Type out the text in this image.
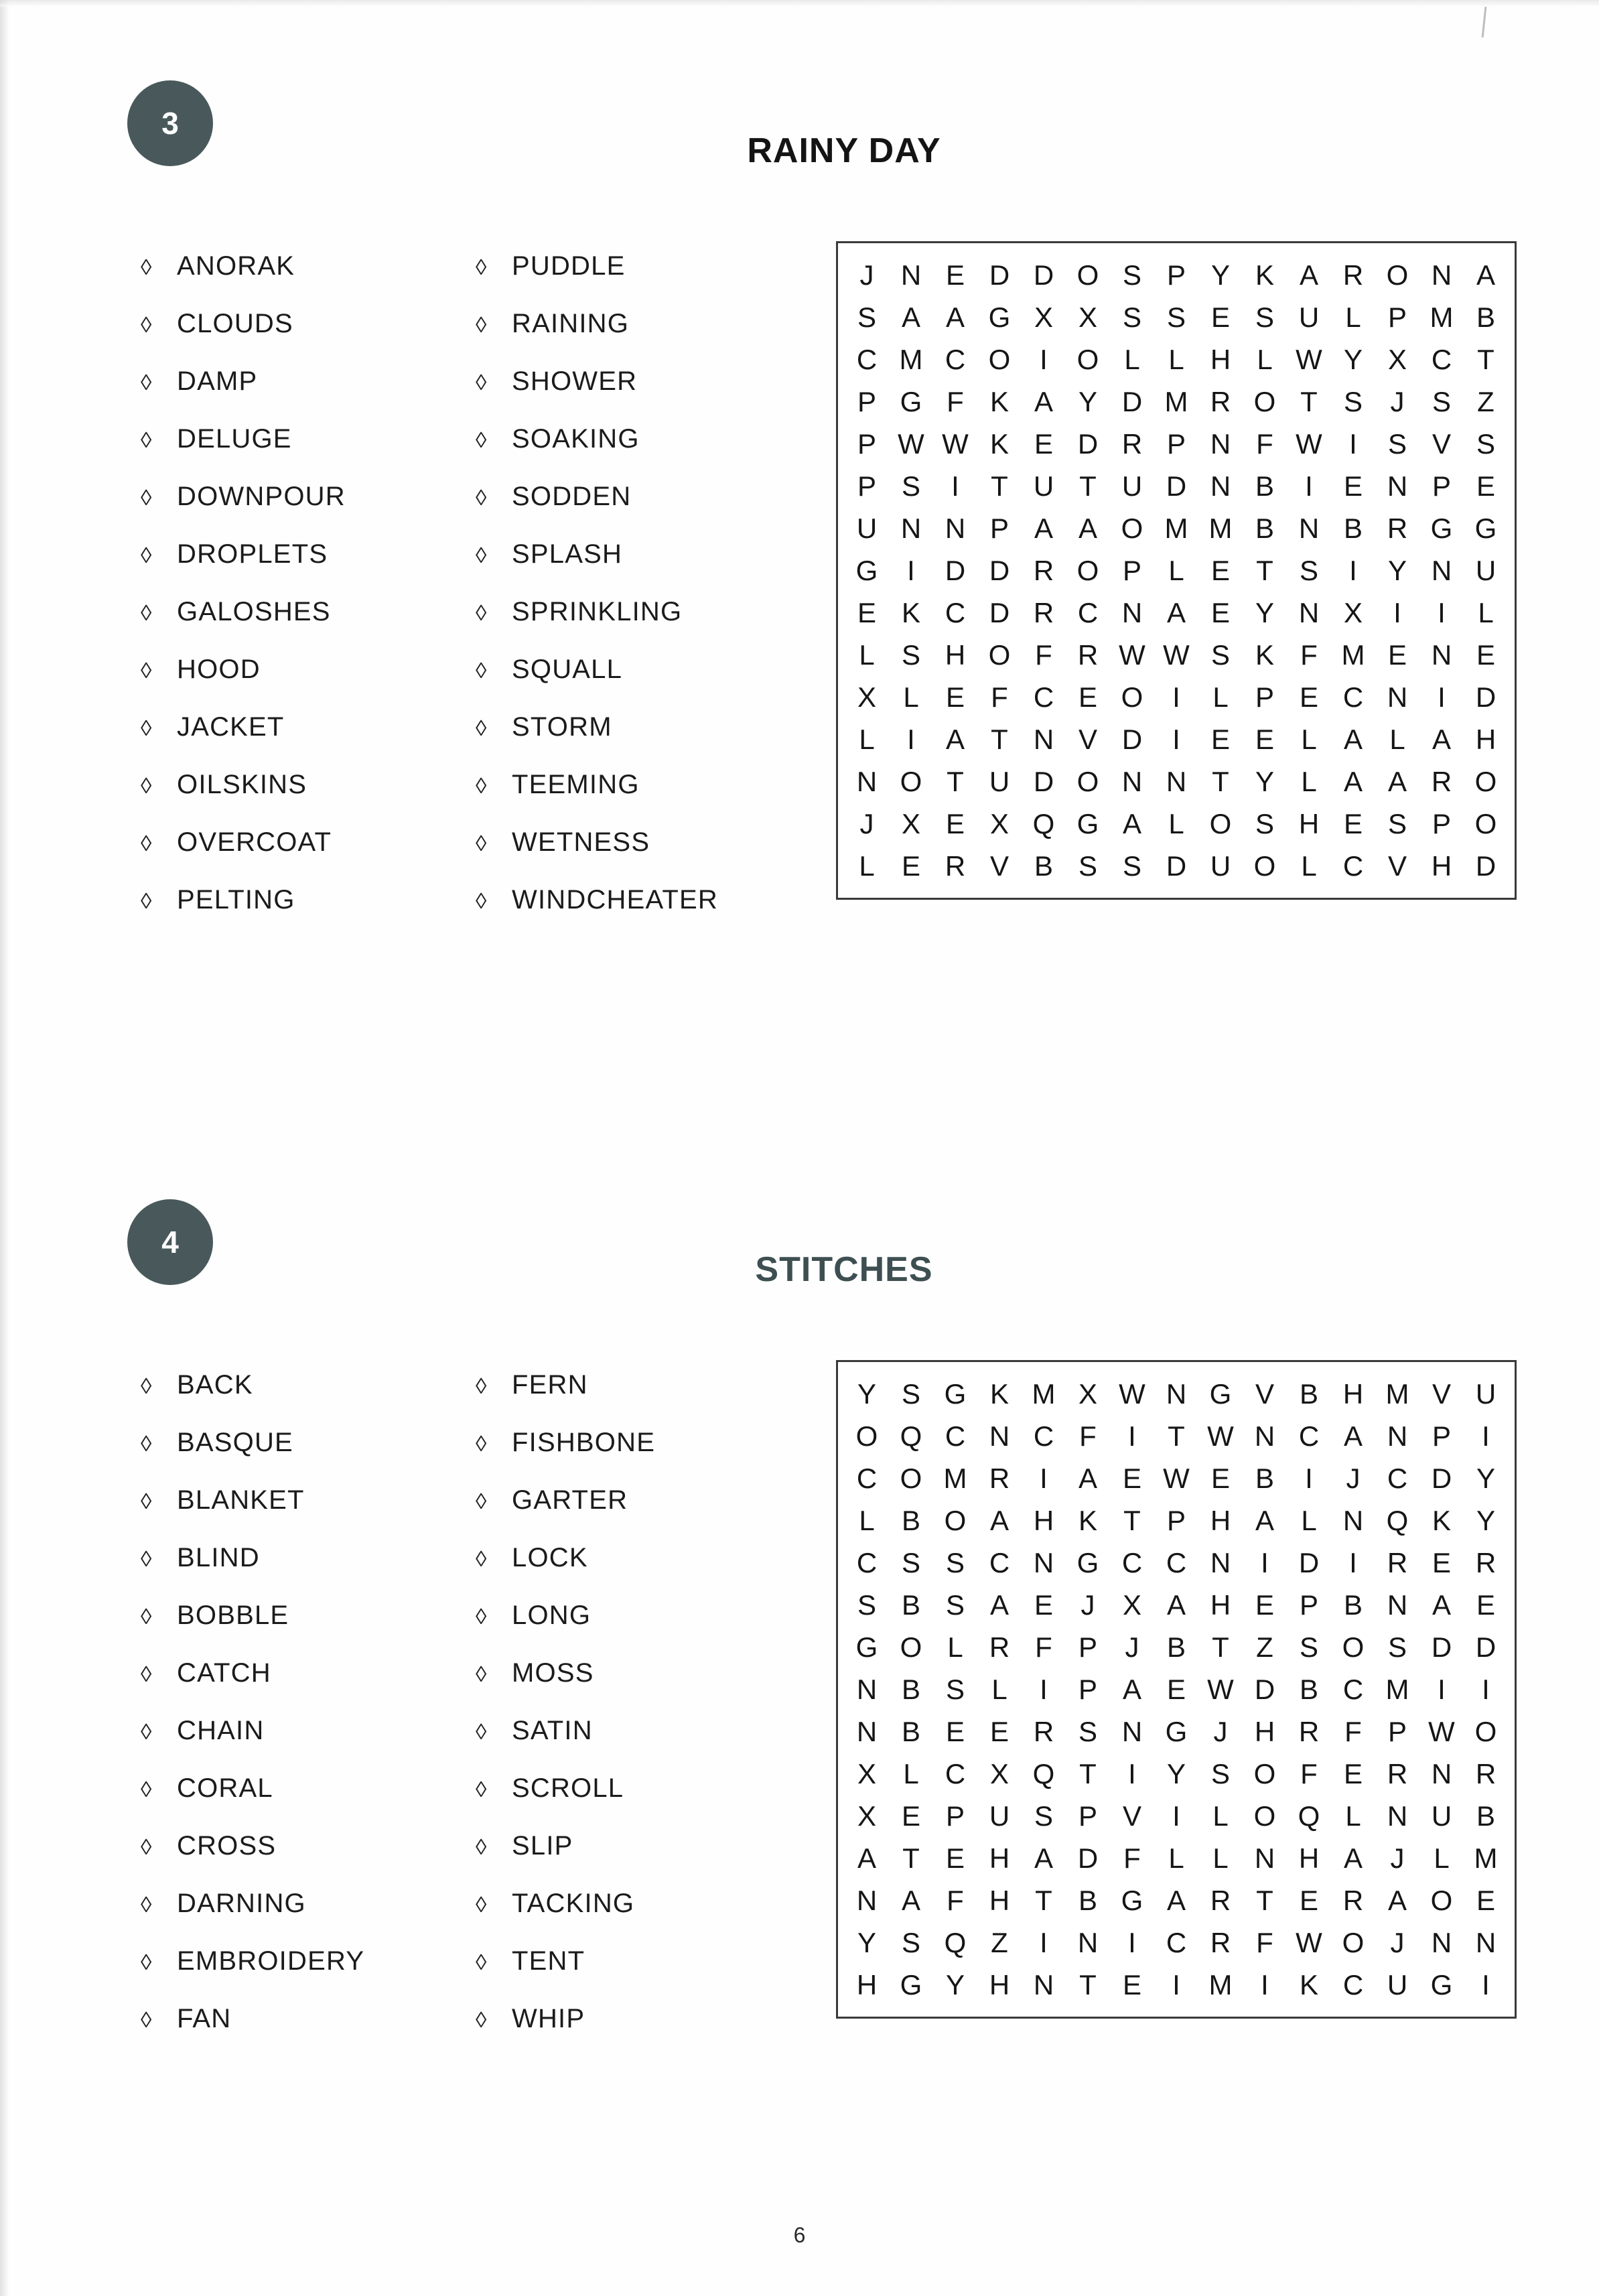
3
RAINY DAY
◊ ANORAK
◊ CLOUDS
◊ DAMP
◊ DELUGE
◊ DOWNPOUR
◊ DROPLETS
◊ GALOSHES
◊ HOOD
◊ JACKET
◊ OILSKINS
◊ OVERCOAT
◊ PELTING
◊ PUDDLE
◊ RAINING
◊ SHOWER
◊ SOAKING
◊ SODDEN
◊ SPLASH
◊ SPRINKLING
◊ SQUALL
◊ STORM
◊ TEEMING
◊ WETNESS
◊ WINDCHEATER
J N E D D O S P Y K A R O N A
S A A G X X S S E S U L P M B
C M C O	I	O L	L H L W Y X C T
P G F K A Y D M R O T S J S Z
P W W K E D R P N F W I	S V S
P S	I	T U T U D N B	I	E N P E
U N N P A A O M M B N B R G G
G	I	D D R O P L E T S	I	Y N U
E K C D R C N A E Y N X	I	I	L
L S H O F R W W S K F M E N E
X L E F C E O	I	L P E C N	I	D
L	I	A T N V D	I	E E L A L A H
N O T U D O N N T Y L A A R O
J X E X Q G A L O S H E S P O
L E R V B S S D U O L C V H D
4
STITCHES
◊ BACK
◊ BASQUE
◊ BLANKET
◊ BLIND
◊ BOBBLE
◊ CATCH
◊ CHAIN
◊ CORAL
◊ CROSS
◊ DARNING
◊ EMBROIDERY
◊ FAN
◊ FERN
◊ FISHBONE
◊ GARTER
◊ LOCK
◊ LONG
◊ MOSS
◊ SATIN
◊ SCROLL
◊ SLIP
◊ TACKING
◊ TENT
◊ WHIP
Y S G K M X W N G V B H M V U
O Q C N C F	I	T W N C A N P	I
C O M R	I	A E W E B	I	J C D Y
L B O A H K T P H A L N Q K Y
C S S C N G C C N	I	D	I	R E R
S B S A E J X A H E P B N A E
G O L R F P J B T Z S O S D D
N B S L	I	P A E W D B C M	I	I
N B E E R S N G J H R F P W O
X L C X Q T	I	Y S O F E R N R
X E P U S P V	I	L O Q L N U B
A T E H A D F L	L N H A J	L M
N A F H T B G A R T E R A O E
Y S Q Z	I	N	I	C R F W O J N N
H G Y H N T E	I	M	I	K C U G	I
6
